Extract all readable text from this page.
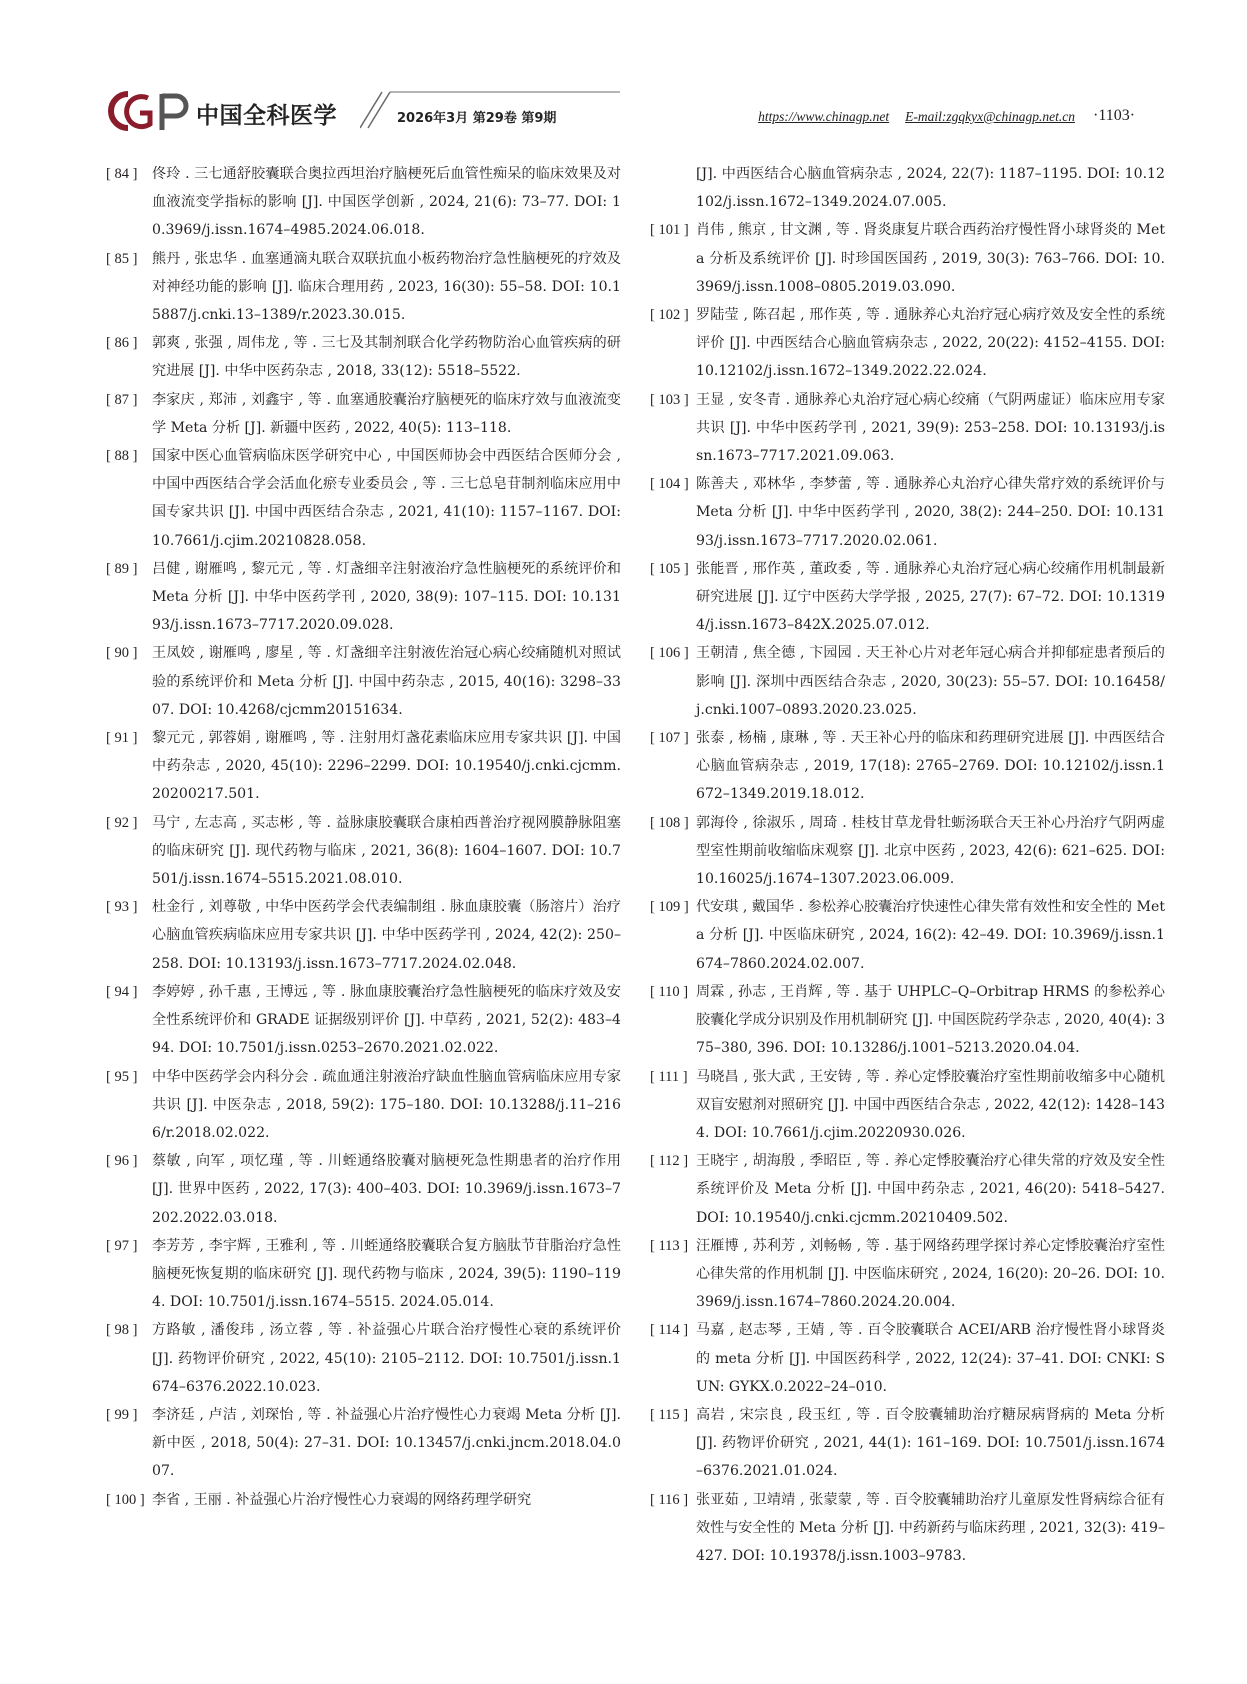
中国全科医学	2026年3月 第29卷 第9期	https://www.chinagp.net E-mail:zgqkyx@chinagp.net.cn ·1103·
[ 84 ]	佟玲 . 三七通舒胶囊联合奥拉西坦治疗脑梗死后血管性痴呆的临床效果及对血液流变学指标的影响 [J]. 中国医学创新 , 2024, 21(6): 73–77. DOI: 10.3969/j.issn.1674–4985.2024.06.018.
[ 85 ]	熊丹 , 张忠华 . 血塞通滴丸联合双联抗血小板药物治疗急性脑梗死的疗效及对神经功能的影响 [J]. 临床合理用药 , 2023, 16(30): 55–58. DOI: 10.15887/j.cnki.13–1389/r.2023.30.015.
[ 86 ]	郭爽 , 张强 , 周伟龙 , 等 . 三七及其制剂联合化学药物防治心血管疾病的研究进展 [J]. 中华中医药杂志 , 2018, 33(12): 5518–5522.
[ 87 ]	李家庆 , 郑沛 , 刘鑫宇 , 等 . 血塞通胶囊治疗脑梗死的临床疗效与血液流变学 Meta 分析 [J]. 新疆中医药 , 2022, 40(5): 113–118.
[ 88 ]	国家中医心血管病临床医学研究中心 , 中国医师协会中西医结合医师分会 , 中国中西医结合学会活血化瘀专业委员会 , 等 . 三七总皂苷制剂临床应用中国专家共识 [J]. 中国中西医结合杂志 , 2021, 41(10): 1157–1167. DOI: 10.7661/j.cjim.20210828.058.
[ 89 ]	吕健 , 谢雁鸣 , 黎元元 , 等 . 灯盏细辛注射液治疗急性脑梗死的系统评价和 Meta 分析 [J]. 中华中医药学刊 , 2020, 38(9): 107–115. DOI: 10.13193/j.issn.1673–7717.2020.09.028.
[ 90 ]	王凤姣 , 谢雁鸣 , 廖星 , 等 . 灯盏细辛注射液佐治冠心病心绞痛随机对照试验的系统评价和 Meta 分析 [J]. 中国中药杂志 , 2015, 40(16): 3298–3307. DOI: 10.4268/cjcmm20151634.
[ 91 ]	黎元元 , 郭蓉娟 , 谢雁鸣 , 等 . 注射用灯盏花素临床应用专家共识 [J]. 中国中药杂志 , 2020, 45(10): 2296–2299. DOI: 10.19540/j.cnki.cjcmm.20200217.501.
[ 92 ]	马宁 , 左志高 , 买志彬 , 等 . 益脉康胶囊联合康柏西普治疗视网膜静脉阻塞的临床研究 [J]. 现代药物与临床 , 2021, 36(8): 1604–1607. DOI: 10.7501/j.issn.1674–5515.2021.08.010.
[ 93 ]	杜金行 , 刘尊敬 , 中华中医药学会代表编制组 . 脉血康胶囊（肠溶片）治疗心脑血管疾病临床应用专家共识 [J]. 中华中医药学刊 , 2024, 42(2): 250–258. DOI: 10.13193/j.issn.1673–7717.2024.02.048.
[ 94 ]	李婷婷 , 孙千惠 , 王博远 , 等 . 脉血康胶囊治疗急性脑梗死的临床疗效及安全性系统评价和 GRADE 证据级别评价 [J]. 中草药 , 2021, 52(2): 483–494. DOI: 10.7501/j.issn.0253–2670.2021.02.022.
[ 95 ]	中华中医药学会内科分会 . 疏血通注射液治疗缺血性脑血管病临床应用专家共识 [J]. 中医杂志 , 2018, 59(2): 175–180. DOI: 10.13288/j.11–2166/r.2018.02.022.
[ 96 ]	蔡敏 , 向军 , 项忆瑾 , 等 . 川蛭通络胶囊对脑梗死急性期患者的治疗作用 [J]. 世界中医药 , 2022, 17(3): 400–403. DOI: 10.3969/j.issn.1673–7202.2022.03.018.
[ 97 ]	李芳芳 , 李宇辉 , 王雅利 , 等 . 川蛭通络胶囊联合复方脑肽节苷脂治疗急性脑梗死恢复期的临床研究 [J]. 现代药物与临床 , 2024, 39(5): 1190–1194. DOI: 10.7501/j.issn.1674–5515. 2024.05.014.
[ 98 ]	方路敏 , 潘俊玮 , 汤立蓉 , 等 . 补益强心片联合治疗慢性心衰的系统评价 [J]. 药物评价研究 , 2022, 45(10): 2105–2112. DOI: 10.7501/j.issn.1674–6376.2022.10.023.
[ 99 ]	李济廷 , 卢洁 , 刘琛怡 , 等 . 补益强心片治疗慢性心力衰竭 Meta 分析 [J]. 新中医 , 2018, 50(4): 27–31. DOI: 10.13457/j.cnki.jncm.2018.04.007.
[ 100 ] 李省 , 王丽 . 补益强心片治疗慢性心力衰竭的网络药理学研究
[J]. 中西医结合心脑血管病杂志 , 2024, 22(7): 1187–1195. DOI: 10.12102/j.issn.1672–1349.2024.07.005.
[ 101 ] 肖伟 , 熊京 , 甘文渊 , 等 . 肾炎康复片联合西药治疗慢性肾小球肾炎的 Meta 分析及系统评价 [J]. 时珍国医国药 , 2019, 30(3): 763–766. DOI: 10.3969/j.issn.1008–0805.2019.03.090.
[ 102 ] 罗陆莹 , 陈召起 , 邢作英 , 等 . 通脉养心丸治疗冠心病疗效及安全性的系统评价 [J]. 中西医结合心脑血管病杂志 , 2022, 20(22): 4152–4155. DOI: 10.12102/j.issn.1672–1349.2022.22.024.
[ 103 ] 王显 , 安冬青 . 通脉养心丸治疗冠心病心绞痛（气阴两虚证）临床应用专家共识 [J]. 中华中医药学刊 , 2021, 39(9): 253–258. DOI: 10.13193/j.issn.1673–7717.2021.09.063.
[ 104 ] 陈善夫 , 邓林华 , 李梦蕾 , 等 . 通脉养心丸治疗心律失常疗效的系统评价与 Meta 分析 [J]. 中华中医药学刊 , 2020, 38(2): 244–250. DOI: 10.13193/j.issn.1673–7717.2020.02.061.
[ 105 ] 张能晋 , 邢作英 , 董政委 , 等 . 通脉养心丸治疗冠心病心绞痛作用机制最新研究进展 [J]. 辽宁中医药大学学报 , 2025, 27(7): 67–72. DOI: 10.13194/j.issn.1673–842X.2025.07.012.
[ 106 ] 王朝清 , 焦全德 , 卞园园 . 天王补心片对老年冠心病合并抑郁症患者预后的影响 [J]. 深圳中西医结合杂志 , 2020, 30(23): 55–57. DOI: 10.16458/j.cnki.1007–0893.2020.23.025.
[ 107 ] 张泰 , 杨楠 , 康琳 , 等 . 天王补心丹的临床和药理研究进展 [J]. 中西医结合心脑血管病杂志 , 2019, 17(18): 2765–2769. DOI: 10.12102/j.issn.1672–1349.2019.18.012.
[ 108 ] 郭海伶 , 徐淑乐 , 周琦 . 桂枝甘草龙骨牡蛎汤联合天王补心丹治疗气阴两虚型室性期前收缩临床观察 [J]. 北京中医药 , 2023, 42(6): 621–625. DOI: 10.16025/j.1674–1307.2023.06.009.
[ 109 ] 代安琪 , 戴国华 . 参松养心胶囊治疗快速性心律失常有效性和安全性的 Meta 分析 [J]. 中医临床研究 , 2024, 16(2): 42–49. DOI: 10.3969/j.issn.1674–7860.2024.02.007.
[ 110 ] 周霖 , 孙志 , 王肖辉 , 等 . 基于 UHPLC–Q–Orbitrap HRMS 的参松养心胶囊化学成分识别及作用机制研究 [J]. 中国医院药学杂志 , 2020, 40(4): 375–380, 396. DOI: 10.13286/j.1001–5213.2020.04.04.
[ 111 ] 马晓昌 , 张大武 , 王安铸 , 等 . 养心定悸胶囊治疗室性期前收缩多中心随机双盲安慰剂对照研究 [J]. 中国中西医结合杂志 , 2022, 42(12): 1428–1434. DOI: 10.7661/j.cjim.20220930.026.
[ 112 ] 王晓宇 , 胡海殷 , 季昭臣 , 等 . 养心定悸胶囊治疗心律失常的疗效及安全性系统评价及 Meta 分析 [J]. 中国中药杂志 , 2021, 46(20): 5418–5427. DOI: 10.19540/j.cnki.cjcmm.20210409.502.
[ 113 ] 汪雁博 , 苏利芳 , 刘畅畅 , 等 . 基于网络药理学探讨养心定悸胶囊治疗室性心律失常的作用机制 [J]. 中医临床研究 , 2024, 16(20): 20–26. DOI: 10.3969/j.issn.1674–7860.2024.20.004.
[ 114 ] 马嘉 , 赵志琴 , 王婧 , 等 . 百令胶囊联合 ACEI/ARB 治疗慢性肾小球肾炎的 meta 分析 [J]. 中国医药科学 , 2022, 12(24): 37–41. DOI: CNKI: SUN: GYKX.0.2022–24–010.
[ 115 ] 高岩 , 宋宗良 , 段玉红 , 等 . 百令胶囊辅助治疗糖尿病肾病的 Meta 分析 [J]. 药物评价研究 , 2021, 44(1): 161–169. DOI: 10.7501/j.issn.1674–6376.2021.01.024.
[ 116 ] 张亚茹 , 卫靖靖 , 张蒙蒙 , 等 . 百令胶囊辅助治疗儿童原发性肾病综合征有效性与安全性的 Meta 分析 [J]. 中药新药与临床药理 , 2021, 32(3): 419–427. DOI: 10.19378/j.issn.1003–9783.
